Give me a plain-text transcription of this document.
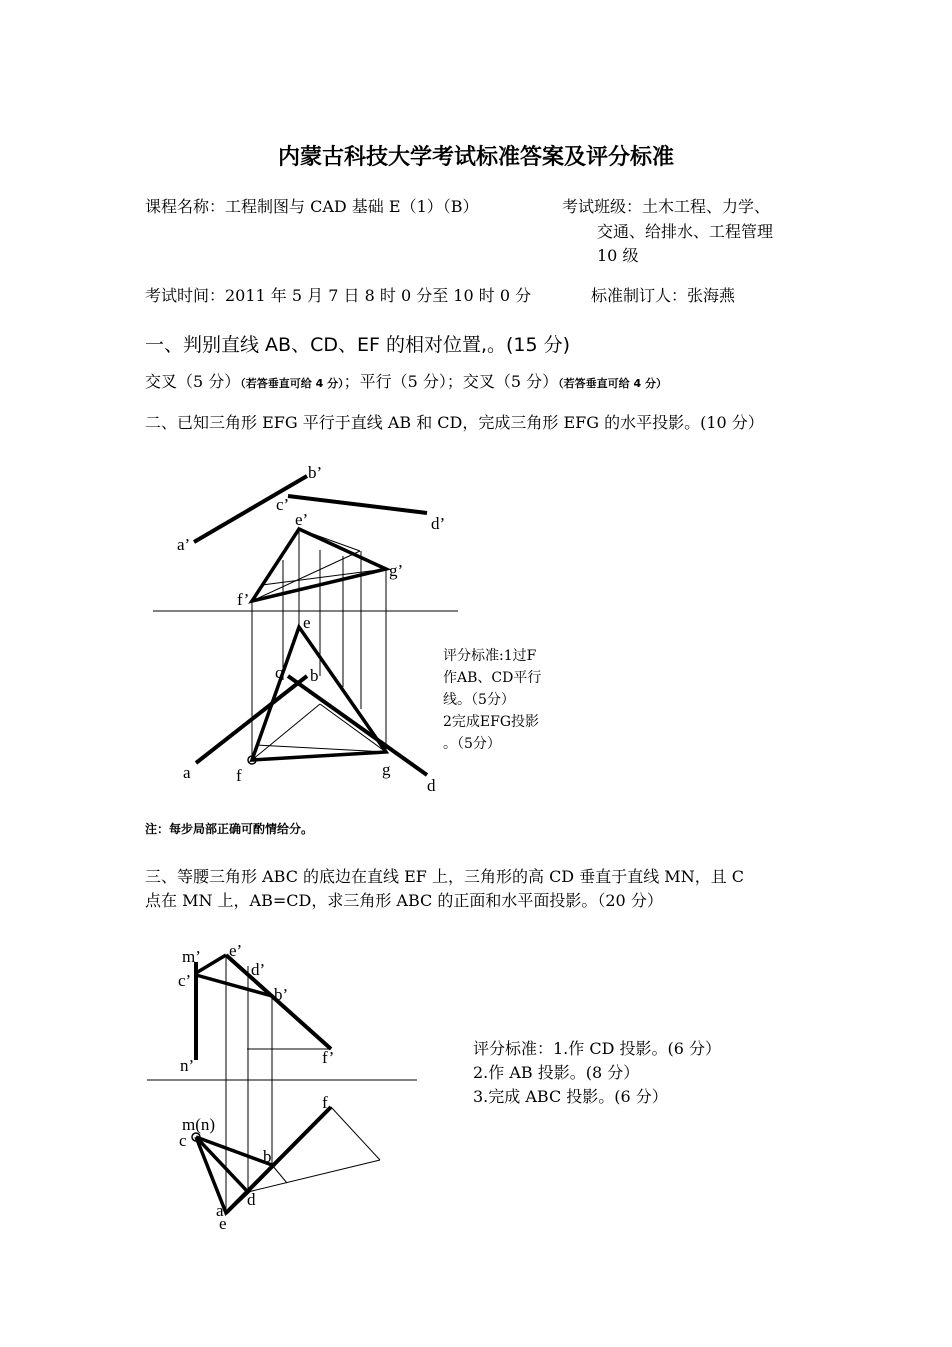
内蒙古科技大学考试标准答案及评分标准
课程名称：工程制图与 CAD 基础 E（1）（B）	考试班级：土木工程、力学、
交通、给排水、工程管理
10 级
考试时间：2011 年 5 月 7 日 8 时 0 分至 10 时 0 分	标准制订人：张海燕
一、判别直线 AB、CD、EF 的相对位置,。(15 分)
交叉（5 分）（若答垂直可给 4 分）；平行（5 分）；交叉（5 分）（若答垂直可给 4 分）
二、已知三角形 EFG 平行于直线 AB 和 CD，完成三角形 EFG 的水平投影。(10 分）
b’
c’
e’	d’
a’
g’
f’
e
c b
a	f	g
d
评分标准:1过F
作AB、CD平行
线。（5分）
2完成EFG投影
。（5分）
注：每步局部正确可酌情给分。
三、等腰三角形 ABC 的底边在直线 EF 上，三角形的高 CD 垂直于直线 MN，且 C
点在 MN 上，AB=CD，求三角形 ABC 的正面和水平面投影。（20 分）
m’ e’
c’
d’
b’
n’	f’
f
m(n)
c
b
d
a
e
评分标准：1.作 CD 投影。(6 分）
2.作 AB 投影。(8 分）
3.完成 ABC 投影。(6 分）
